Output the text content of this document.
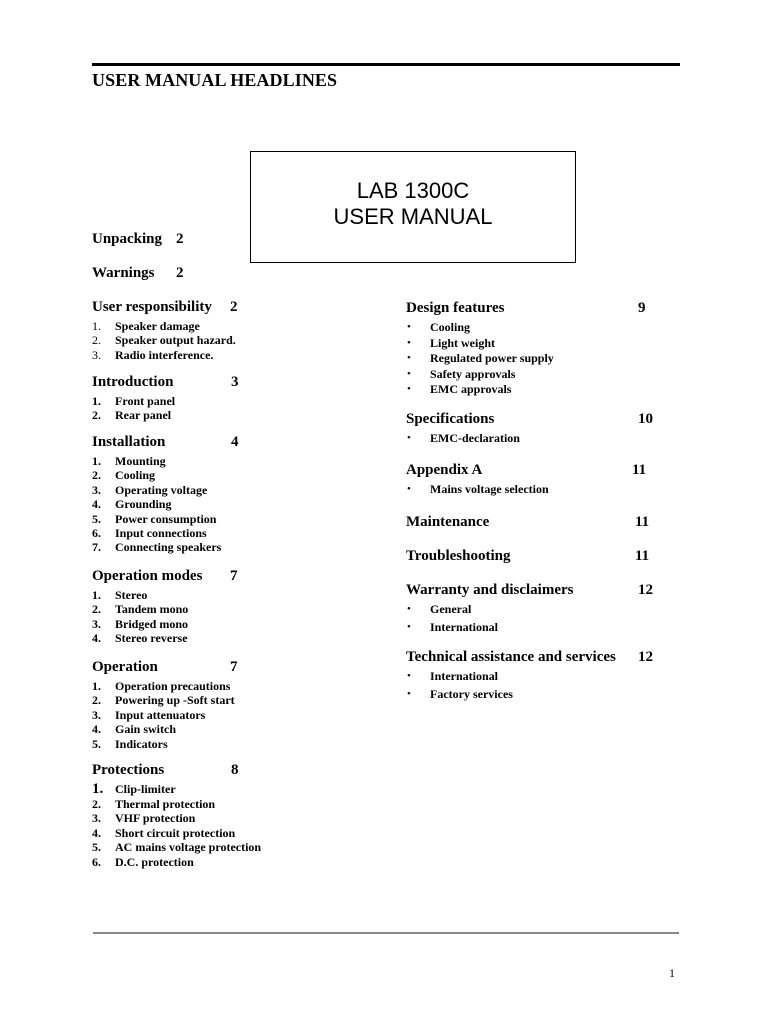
USER MANUAL HEADLINES
LAB 1300C
USER MANUAL
Unpacking 2
Warnings 2
User responsibility 2
1. Speaker damage
2. Speaker output hazard.
3. Radio interference.
Introduction	3
1. Front panel
2. Rear panel
Installation	4
1. Mounting
2. Cooling
3. Operating voltage
4. Grounding
5. Power consumption
6. Input connections
7. Connecting speakers
Operation modes 7
1. Stereo
2. Tandem mono
3. Bridged mono
4. Stereo reverse
Operation	7
1. Operation precautions
2. Powering up -Soft start
3. Input attenuators
4. Gain switch
5. Indicators
Protections	8
1. Clip-limiter
2. Thermal protection
3. VHF protection
4. Short circuit protection
5. AC mains voltage protection
6. D.C. protection
Design features	9
• Cooling
• Light weight
• Regulated power supply
• Safety approvals
• EMC approvals
Specifications	10
• EMC-declaration
Appendix A	11
• Mains voltage selection
Maintenance	11
Troubleshooting	11
Warranty and disclaimers	12
• General
• International
Technical assistance and services 12
• International
• Factory services
1
